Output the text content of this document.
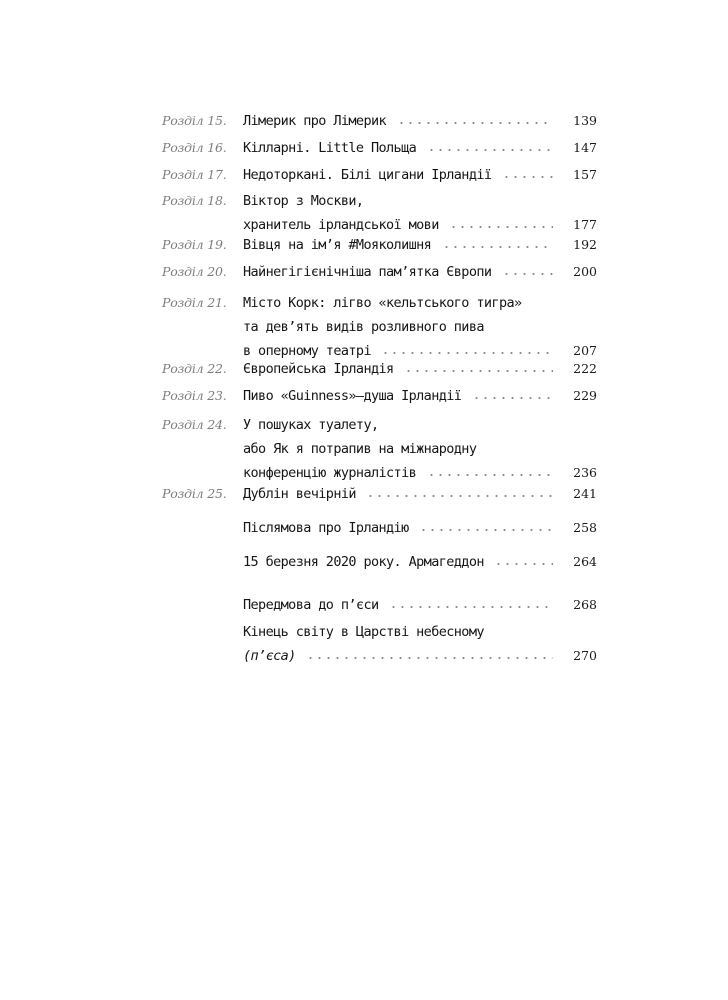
Розділ 15.	Лімерик про Лімерик	139
Розділ 16.	Кілларні. Little Польща	147
Розділ 17.	Недоторкані. Білі цигани Ірландії	157
Розділ 18.	Віктор з Москви,
хранитель ірландської мови	177
Розділ 19.	Вівця на ім’я #Мояколишня	192
Розділ 20.	Найнегігієнічніша пам’ятка Європи	200
Розділ 21.	Місто Корк: лігво «кельтського тигра»
та дев’ять видів розливного пива
в оперному театрі	207
Розділ 22.	Європейська Ірландія	222
Розділ 23.	Пиво «Guinness»—душа Ірландії	229
Розділ 24.	У пошуках туалету,
або Як я потрапив на міжнародну
конференцію журналістів	236
Розділ 25.	Дублін вечірній	241
Післямова про Ірландію	258
15 березня 2020 року. Армагеддон	264
Передмова до п’єси	268
Кінець світу в Царстві небесному
(п’єса)	270
